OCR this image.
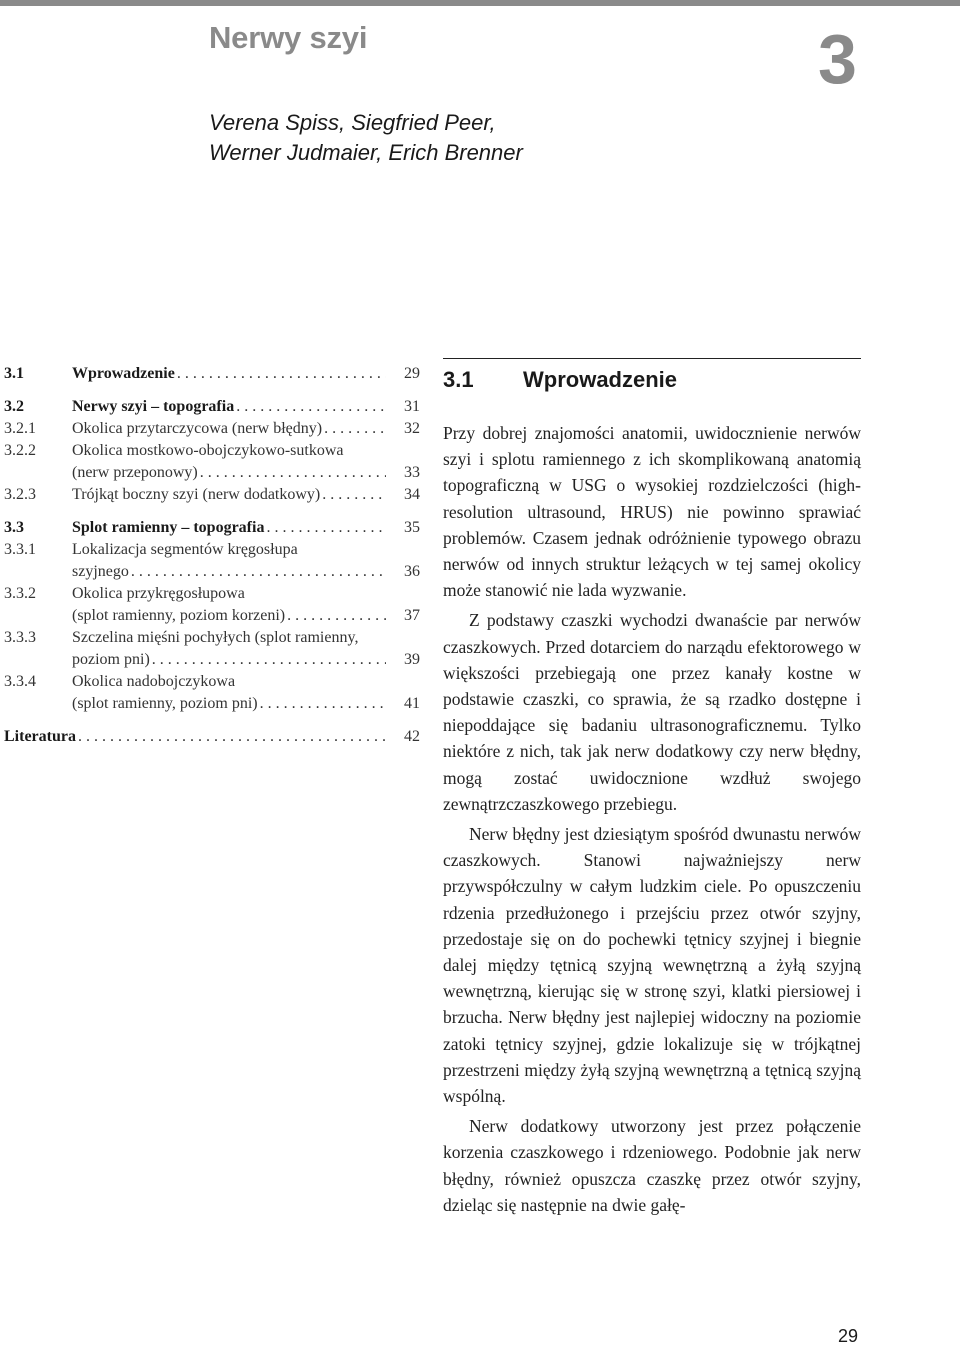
Nerwy szyi	3
Verena Spiss, Siegfried Peer,
Werner Judmaier, Erich Brenner
3.1	Wprowadzenie . . .	29
3.2	Nerwy szyi – topografia . . .	31
3.2.1	Okolica przytarczycowa (nerw błędny) . . .	32
3.2.2	Okolica mostkowo-obojczykowo-sutkowa
(nerw przeponowy) . . .	33
3.2.3	Trójkąt boczny szyi (nerw dodatkowy) . . .	34
3.3	Splot ramienny – topografia . . .	35
3.3.1	Lokalizacja segmentów kręgosłupa
szyjnego . . .	36
3.3.2	Okolica przykręgosłupowa
(splot ramienny, poziom korzeni) . . .	37
3.3.3	Szczelina mięśni pochyłych (splot ramienny,
poziom pni) . . .	39
3.3.4	Okolica nadobojczykowa
(splot ramienny, poziom pni) . . .	41
Literatura . . .	42
3.1 Wprowadzenie

Przy dobrej znajomości anatomii, uwidocznienie nerwów szyi i splotu ramiennego z ich skomplikowaną anatomią topograficzną w USG o wysokiej rozdzielczości (high-resolution ultrasound, HRUS) nie powinno sprawiać problemów. Czasem jednak odróżnienie typowego obrazu nerwów od innych struktur leżących w tej samej okolicy może stanowić nie lada wyzwanie.

Z podstawy czaszki wychodzi dwanaście par nerwów czaszkowych. Przed dotarciem do narządu efektorowego w większości przebiegają one przez kanały kostne w podstawie czaszki, co sprawia, że są rzadko dostępne i niepoddające się badaniu ultrasonograficznemu. Tylko niektóre z nich, tak jak nerw dodatkowy czy nerw błędny, mogą zostać uwidocznione wzdłuż swojego zewnątrzczaszkowego przebiegu.

Nerw błędny jest dziesiątym spośród dwunastu nerwów czaszkowych. Stanowi najważniejszy nerw przywspółczulny w całym ludzkim ciele. Po opuszczeniu rdzenia przedłużonego i przejściu przez otwór szyjny, przedostaje się on do pochewki tętnicy szyjnej i biegnie dalej między tętnicą szyjną wewnętrzną a żyłą szyjną wewnętrzną, kierując się w stronę szyi, klatki piersiowej i brzucha. Nerw błędny jest najlepiej widoczny na poziomie zatoki tętnicy szyjnej, gdzie lokalizuje się w trójkątnej przestrzeni między żyłą szyjną wewnętrzną a tętnicą szyjną wspólną.

Nerw dodatkowy utworzony jest przez połączenie korzenia czaszkowego i rdzeniowego. Podobnie jak nerw błędny, również opuszcza czaszkę przez otwór szyjny, dzieląc się następnie na dwie gałę-

29
